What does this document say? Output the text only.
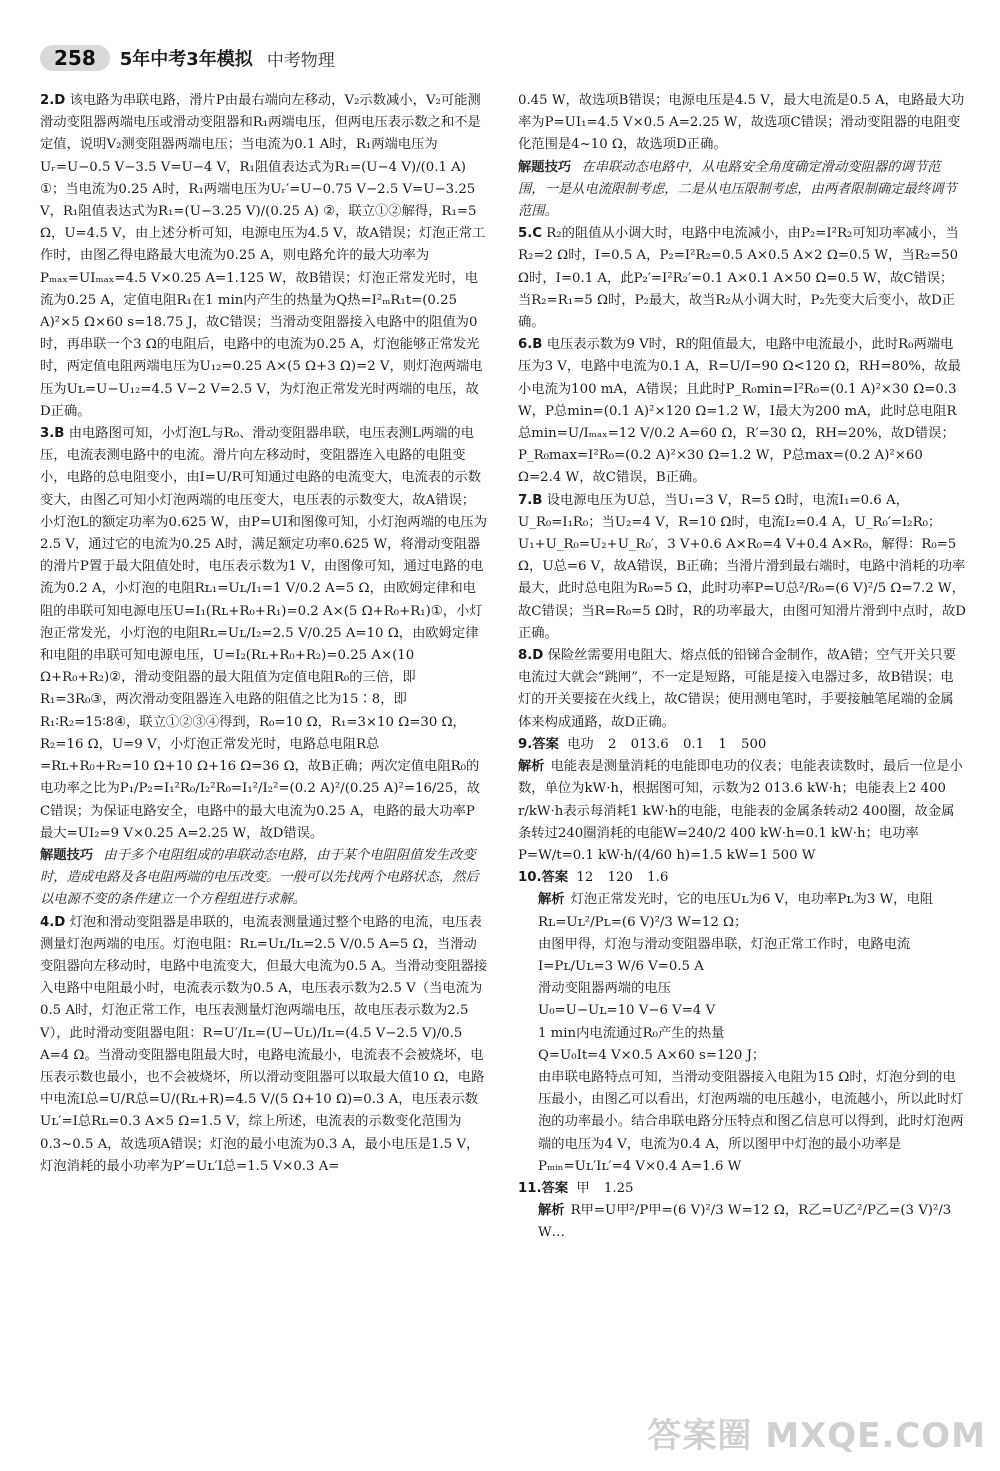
258	5年中考3年模拟 中考物理
2.D 该电路为串联电路，滑片P由最右端向左移动，V₂示数减小，V₂可能测滑动变阻器两端电压或滑动变阻器和R₁两端电压，但两电压表示数之和不是定值，说明V₂测变阻器两端电压；当电流为0.1 A时，R₁两端电压为Uᵣ=U−0.5 V−3.5 V=U−4 V，R₁阻值表达式为R₁=(U−4 V)/(0.1 A) ①；当电流为0.25 A时，R₁两端电压为Uᵣ′=U−0.75 V−2.5 V=U−3.25 V，R₁阻值表达式为R₁=(U−3.25 V)/(0.25 A) ②，联立①②解得，R₁=5 Ω，U=4.5 V，由上述分析可知，电源电压为4.5 V，故A错误；灯泡正常工作时，由图乙得电路最大电流为0.25 A，则电路允许的最大功率为Pₘₐₓ=UIₘₐₓ=4.5 V×0.25 A=1.125 W，故B错误；灯泡正常发光时，电流为0.25 A，定值电阻R₁在1 min内产生的热量为Q热=I²ₘR₁t=(0.25 A)²×5 Ω×60 s=18.75 J，故C错误；当滑动变阻器接入电路中的阻值为0时，再串联一个3 Ω的电阻后，电路中的电流为0.25 A，灯泡能够正常发光时，两定值电阻两端电压为U₁₂=0.25 A×(5 Ω+3 Ω)=2 V，则灯泡两端电压为Uʟ=U−U₁₂=4.5 V−2 V=2.5 V，为灯泡正常发光时两端的电压，故D正确。
3.B 由电路图可知，小灯泡L与R₀、滑动变阻器串联，电压表测L两端的电压，电流表测电路中的电流。滑片向左移动时，变阻器连入电路的电阻变小，电路的总电阻变小，由I=U/R可知通过电路的电流变大，电流表的示数变大，由图乙可知小灯泡两端的电压变大，电压表的示数变大，故A错误；小灯泡L的额定功率为0.625 W，由P=UI和图像可知，小灯泡两端的电压为2.5 V，通过它的电流为0.25 A时，满足额定功率0.625 W，将滑动变阻器的滑片P置于最大阻值处时，电压表示数为1 V，由图像可知，通过电路的电流为0.2 A，小灯泡的电阻Rʟ₁=Uʟ/I₁=1 V/0.2 A=5 Ω，由欧姆定律和电阻的串联可知电源电压U=I₁(Rʟ+R₀+R₁)=0.2 A×(5 Ω+R₀+R₁)①，小灯泡正常发光，小灯泡的电阻Rʟ=Uʟ/I₂=2.5 V/0.25 A=10 Ω，由欧姆定律和电阻的串联可知电源电压，U=I₂(Rʟ+R₀+R₂)=0.25 A×(10 Ω+R₀+R₂)②，滑动变阻器的最大阻值为定值电阻R₀的三倍，即R₁=3R₀③，两次滑动变阻器连入电路的阻值之比为15∶8，即R₁∶R₂=15∶8④，联立①②③④得到，R₀=10 Ω，R₁=3×10 Ω=30 Ω，R₂=16 Ω，U=9 V，小灯泡正常发光时，电路总电阻R总=Rʟ+R₀+R₂=10 Ω+10 Ω+16 Ω=36 Ω，故B正确；两次定值电阻R₀的电功率之比为P₁/P₂=I₁²R₀/I₂²R₀=I₁²/I₂²=(0.2 A)²/(0.25 A)²=16/25，故C错误；为保证电路安全，电路中的最大电流为0.25 A，电路的最大功率P最大=UI₂=9 V×0.25 A=2.25 W，故D错误。
解题技巧 由于多个电阻组成的串联动态电路，由于某个电阻阻值发生改变时，造成电路及各电阻两端的电压改变。一般可以先找两个电路状态，然后以电源不变的条件建立一个方程组进行求解。
4.D 灯泡和滑动变阻器是串联的，电流表测量通过整个电路的电流，电压表测量灯泡两端的电压。灯泡电阻：Rʟ=Uʟ/Iʟ=2.5 V/0.5 A=5 Ω，当滑动变阻器向左移动时，电路中电流变大，但最大电流为0.5 A。当滑动变阻器接入电路中电阻最小时，电流表示数为0.5 A，电压表示数为2.5 V（当电流为0.5 A时，灯泡正常工作，电压表测量灯泡两端电压，故电压表示数为2.5 V），此时滑动变阻器电阻：R=U′/Iʟ=(U−Uʟ)/Iʟ=(4.5 V−2.5 V)/0.5 A=4 Ω。当滑动变阻器电阻最大时，电路电流最小，电流表不会被烧坏，电压表示数也最小，也不会被烧坏，所以滑动变阻器可以取最大值10 Ω，电路中电流I总=U/R总=U/(Rʟ+R)=4.5 V/(5 Ω+10 Ω)=0.3 A，电压表示数Uʟ′=I总Rʟ=0.3 A×5 Ω=1.5 V，综上所述，电流表的示数变化范围为0.3~0.5 A，故选项A错误；灯泡的最小电流为0.3 A，最小电压是1.5 V，灯泡消耗的最小功率为P′=Uʟ′I总=1.5 V×0.3 A=
0.45 W，故选项B错误；电源电压是4.5 V，最大电流是0.5 A，电路最大功率为P=UI₁=4.5 V×0.5 A=2.25 W，故选项C错误；滑动变阻器的电阻变化范围是4~10 Ω，故选项D正确。
解题技巧 在串联动态电路中，从电路安全角度确定滑动变阻器的调节范围，一是从电流限制考虑，二是从电压限制考虑，由两者限制确定最终调节范围。
5.C R₂的阻值从小调大时，电路中电流减小，由P₂=I²R₂可知功率减小，当R₂=2 Ω时，I=0.5 A，P₂=I²R₂=0.5 A×0.5 A×2 Ω=0.5 W，当R₂=50 Ω时，I=0.1 A，此P₂′=I²R₂′=0.1 A×0.1 A×50 Ω=0.5 W，故C错误；当R₂=R₁=5 Ω时，P₂最大，故当R₂从小调大时，P₂先变大后变小，故D正确。
6.B 电压表示数为9 V时，R的阻值最大，电路中电流最小，此时R₀两端电压为3 V，电路中电流为0.1 A，R=U/I=90 Ω<120 Ω，RH=80%，故最小电流为100 mA，A错误；且此时P_R₀min=I²R₀=(0.1 A)²×30 Ω=0.3 W，P总min=(0.1 A)²×120 Ω=1.2 W，I最大为200 mA，此时总电阻R总min=U/Iₘₐₓ=12 V/0.2 A=60 Ω，R′=30 Ω，RH=20%，故D错误；P_R₀max=I²R₀=(0.2 A)²×30 Ω=1.2 W，P总max=(0.2 A)²×60 Ω=2.4 W，故C错误，B正确。
7.B 设电源电压为U总，当U₁=3 V，R=5 Ω时，电流I₁=0.6 A，U_R₀=I₁R₀；当U₂=4 V，R=10 Ω时，电流I₂=0.4 A，U_R₀′=I₂R₀；U₁+U_R₀=U₂+U_R₀′，3 V+0.6 A×R₀=4 V+0.4 A×R₀，解得：R₀=5 Ω，U总=6 V，故A错误，B正确；当滑片滑到最右端时，电路中消耗的功率最大，此时总电阻为R₀=5 Ω，此时功率P=U总²/R₀=(6 V)²/5 Ω=7.2 W，故C错误；当R=R₀=5 Ω时，R的功率最大，由图可知滑片滑到中点时，故D正确。
8.D 保险丝需要用电阻大、熔点低的铅锑合金制作，故A错；空气开关只要电流过大就会“跳闸”，不一定是短路，可能是接入电器过多，故B错误；电灯的开关要接在火线上，故C错误；使用测电笔时，手要接触笔尾端的金属体来构成通路，故D正确。
9.答案 电功 2 013.6 0.1 1 500
解析 电能表是测量消耗的电能即电功的仪表；电能表读数时，最后一位是小数，单位为kW·h，根据图可知，示数为2 013.6 kW·h；电能表上2 400 r/kW·h表示每消耗1 kW·h的电能，电能表的金属条转动2 400圈，故金属条转过240圈消耗的电能W=240/2 400 kW·h=0.1 kW·h；电功率P=W/t=0.1 kW·h/(4/60 h)=1.5 kW=1 500 W
10.答案 12 120 1.6
解析 灯泡正常发光时，它的电压Uʟ为6 V，电功率Pʟ为3 W，电阻
Rʟ=Uʟ²/Pʟ=(6 V)²/3 W=12 Ω；
由图甲得，灯泡与滑动变阻器串联，灯泡正常工作时，电路电流
I=Pʟ/Uʟ=3 W/6 V=0.5 A
滑动变阻器两端的电压
U₀=U−Uʟ=10 V−6 V=4 V
1 min内电流通过R₀产生的热量
Q=U₀It=4 V×0.5 A×60 s=120 J；
由串联电路特点可知，当滑动变阻器接入电阻为15 Ω时，灯泡分到的电压最小，由图乙可以看出，灯泡两端的电压越小，电流越小，所以此时灯泡的功率最小。结合串联电路分压特点和图乙信息可以得到，此时灯泡两端的电压为4 V，电流为0.4 A，所以图甲中灯泡的最小功率是Pₘᵢₙ=Uʟ′Iʟ′=4 V×0.4 A=1.6 W
11.答案 甲 1.25
解析 R甲=U甲²/P甲=(6 V)²/3 W=12 Ω，R乙=U乙²/P乙=(3 V)²/3 W…
答案圈 MXQE.COM
